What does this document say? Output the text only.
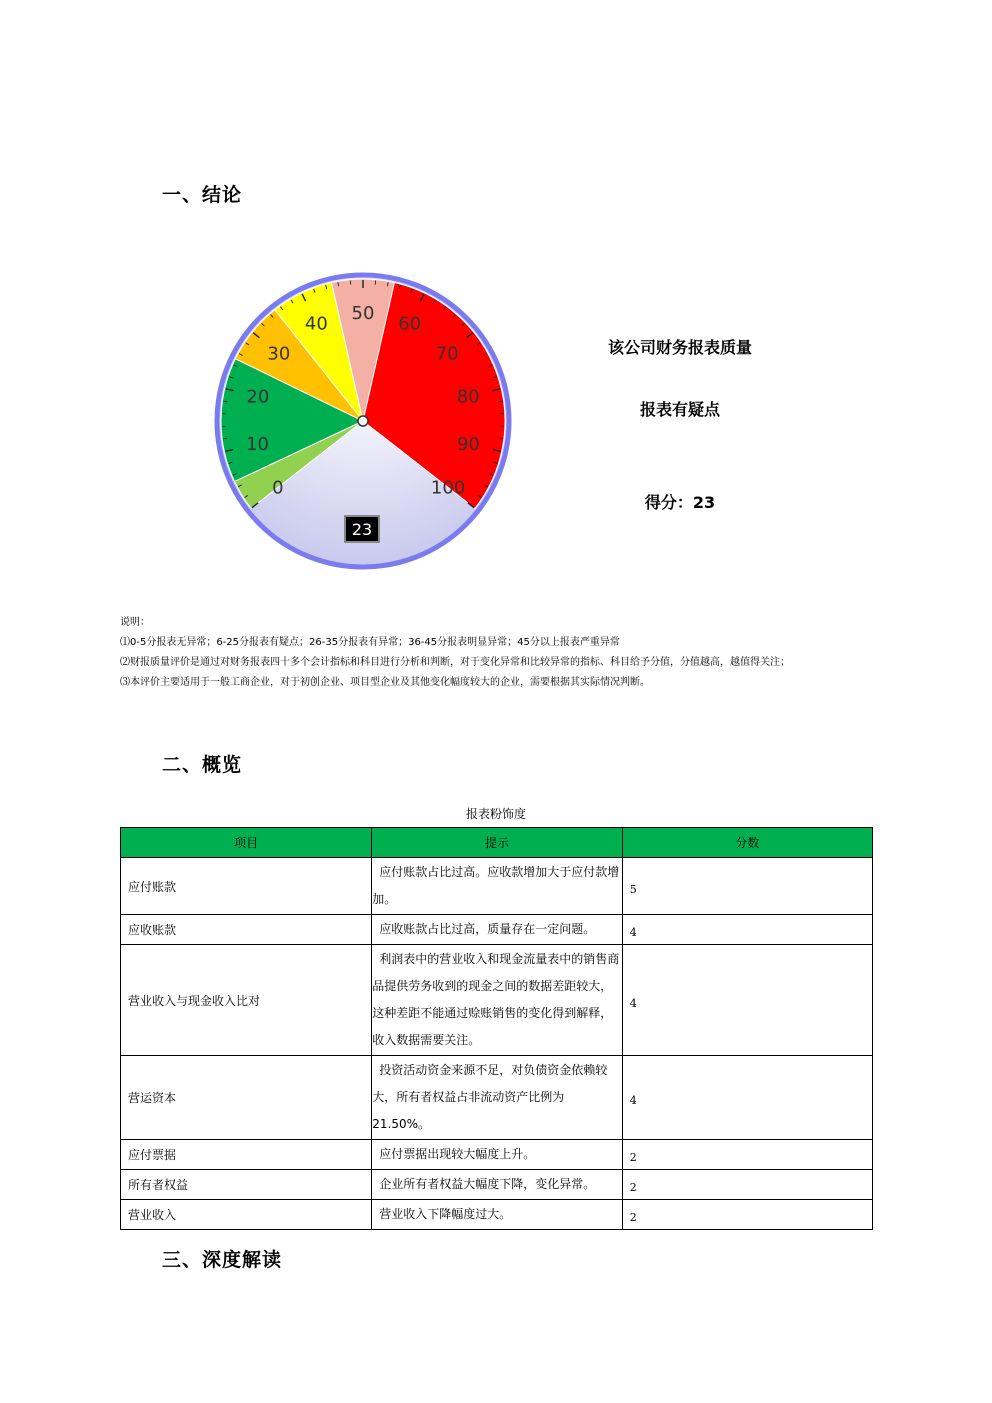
一、结论
0
10
20
30
40
50
60
70
80
90
100
23
该公司财务报表质量
报表有疑点
得分：23

说明：

⑴0-5分报表无异常；6-25分报表有疑点；26-35分报表有异常；36-45分报表明显异常；45分以上报表严重异常

⑵财报质量评价是通过对财务报表四十多个会计指标和科目进行分析和判断，对于变化异常和比较异常的指标、科目给予分值，分值越高，越值得关注；

⑶本评价主要适用于一般工商企业，对于初创企业、项目型企业及其他变化幅度较大的企业，需要根据其实际情况判断。

二、概览
报表粉饰度
项目	提示	分数
应付账款	应付账款占比过高。应收款增加大于应付款增加。	5
应收账款	应收账款占比过高，质量存在一定问题。	4
营业收入与现金收入比对	利润表中的营业收入和现金流量表中的销售商品提供劳务收到的现金之间的数据差距较大，这种差距不能通过赊账销售的变化得到解释，收入数据需要关注。	4
营运资本	投资活动资金来源不足，对负债资金依赖较大，所有者权益占非流动资产比例为21.50%。	4
应付票据	应付票据出现较大幅度上升。	2
所有者权益	企业所有者权益大幅度下降，变化异常。	2
营业收入	营业收入下降幅度过大。	2
三、深度解读
